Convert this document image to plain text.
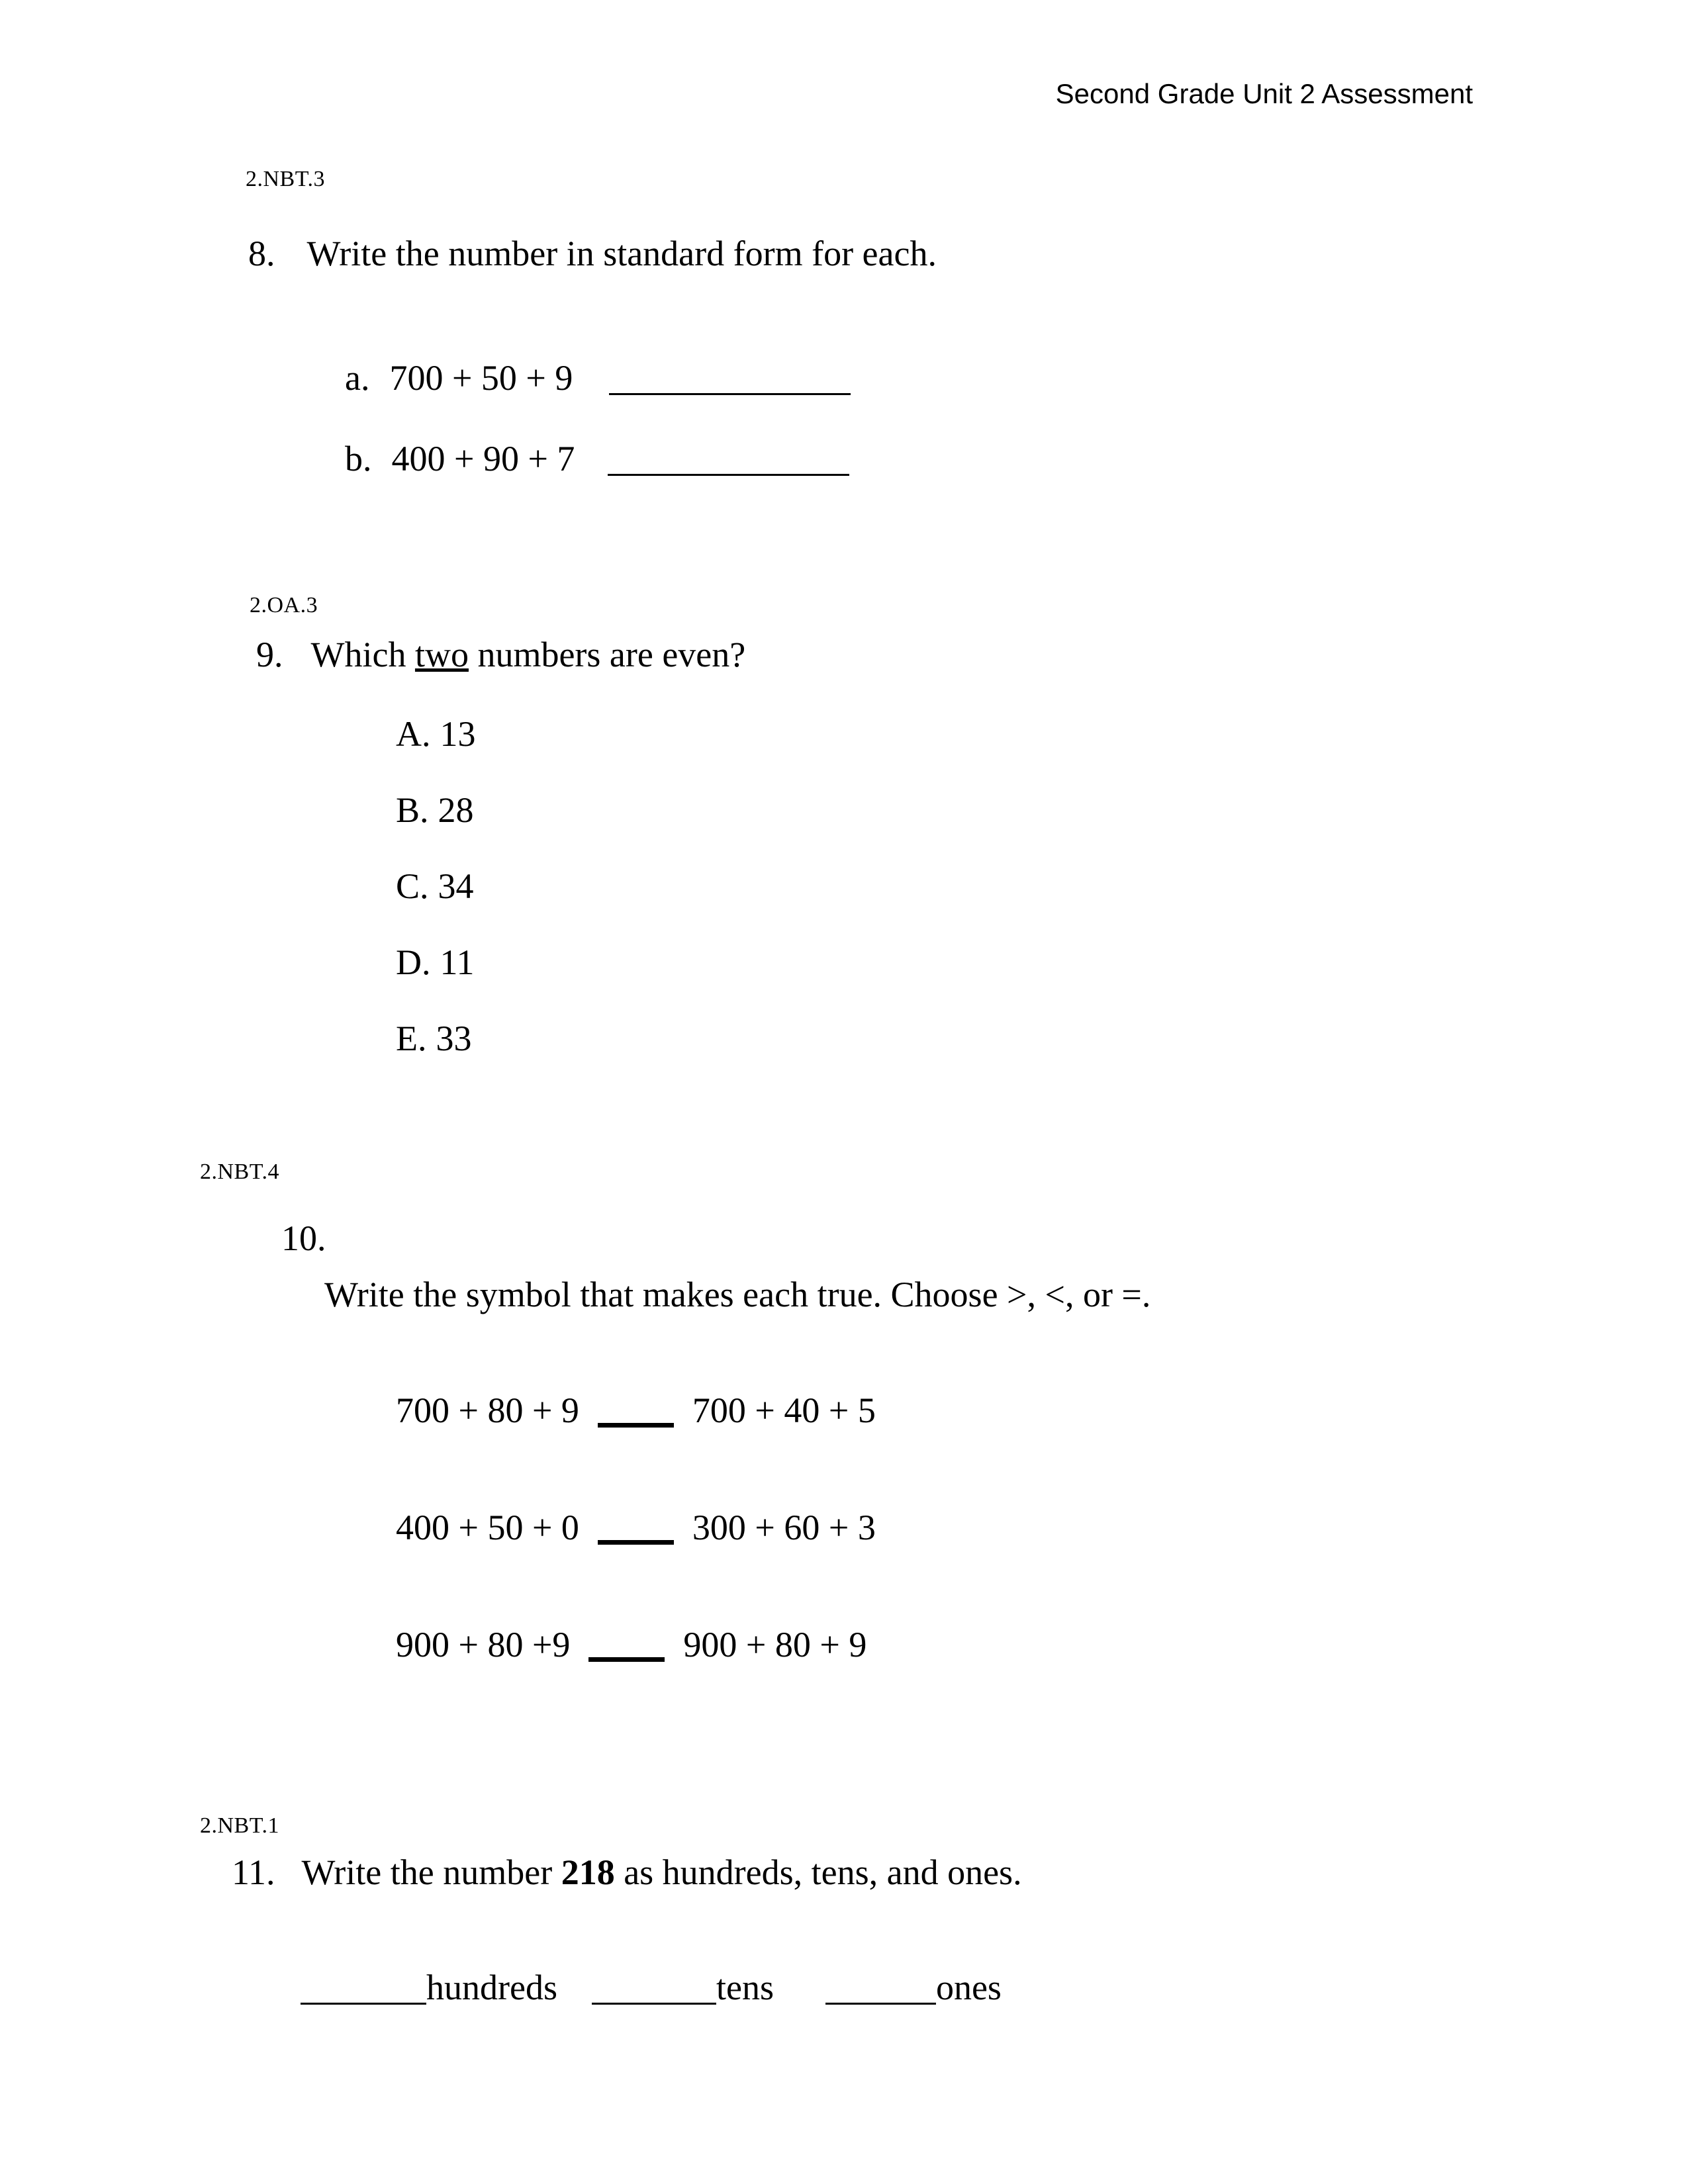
Second Grade Unit 2 Assessment
2.NBT.3
8. Write the number in standard form for each.
a. 700 + 50 + 9
b. 400 + 90 + 7
2.OA.3
9. Which two numbers are even?
A. 13
B. 28
C. 34
D. 11
E. 33
2.NBT.4
10.
Write the symbol that makes each true. Choose >, <, or =.
700 + 80 + 9	700 + 40 + 5
400 + 50 + 0	300 + 60 + 3
900 + 80 +9	900 + 80 + 9
2.NBT.1
11. Write the number 218 as hundreds, tens, and ones.
hundreds	tens	ones
